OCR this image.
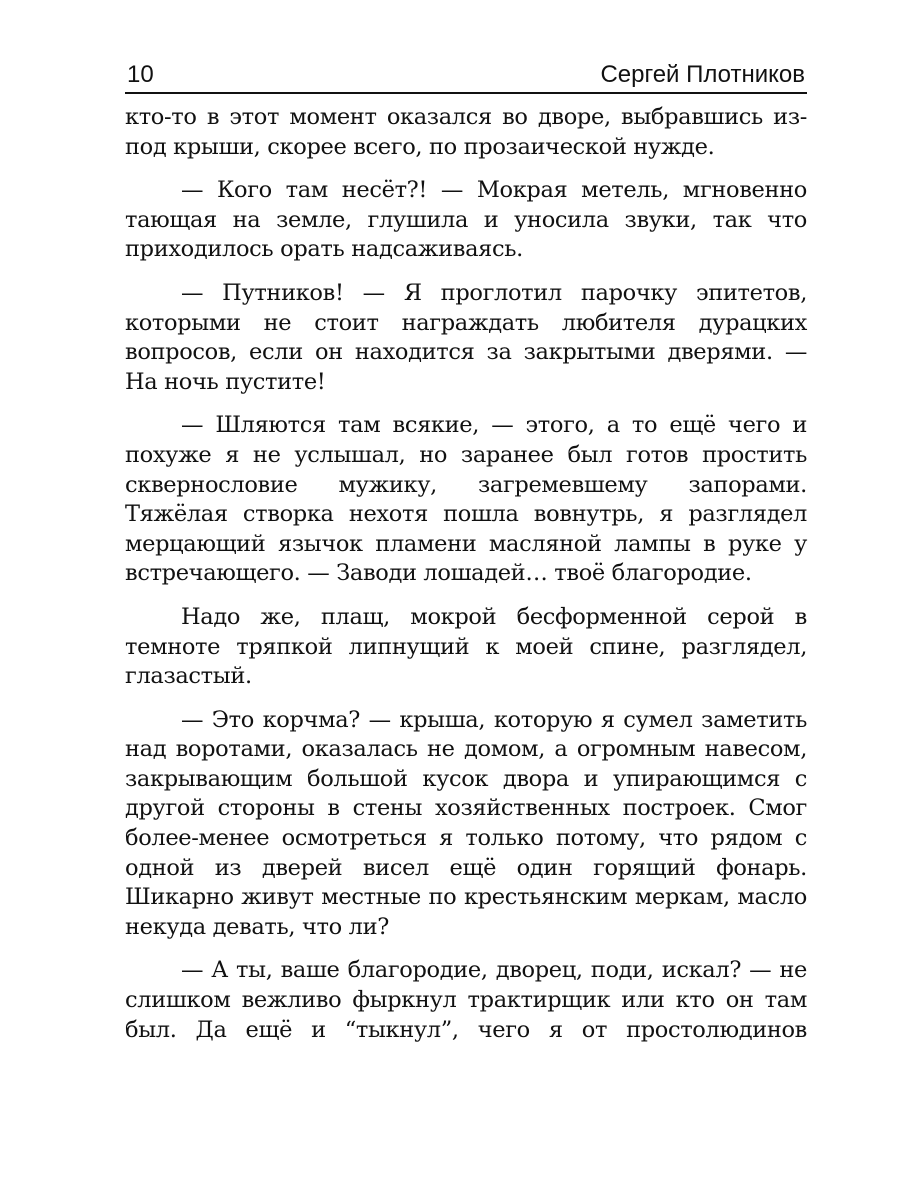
10	Сергей Плотников

кто-то в этот момент оказался во дворе, выбравшись из-под крыши, скорее всего, по прозаической нужде.

— Кого там несёт?! — Мокрая метель, мгновенно тающая на земле, глушила и уносила звуки, так что приходилось орать надсаживаясь.

— Путников! — Я проглотил парочку эпитетов, которыми не стоит награждать любителя дурацких вопросов, если он находится за закрытыми дверями. — На ночь пустите!

— Шляются там всякие, — этого, а то ещё чего и похуже я не услышал, но заранее был готов простить сквернословие мужику, загремевшему запорами. Тяжёлая створка нехотя пошла вовнутрь, я разглядел мерцающий язычок пламени масляной лампы в руке у встречающего. — Заводи лошадей… твоё благородие.

Надо же, плащ, мокрой бесформенной серой в темноте тряпкой липнущий к моей спине, разглядел, глазастый.

— Это корчма? — крыша, которую я сумел заметить над воротами, оказалась не домом, а огромным навесом, закрывающим большой кусок двора и упирающимся с другой стороны в стены хозяйственных построек. Смог более-менее осмотреться я только потому, что рядом с одной из дверей висел ещё один горящий фонарь. Шикарно живут местные по крестьянским меркам, масло некуда девать, что ли?

— А ты, ваше благородие, дворец, поди, искал? — не слишком вежливо фыркнул трактирщик или кто он там был. Да ещё и “тыкнул”, чего я от простолюдинов
